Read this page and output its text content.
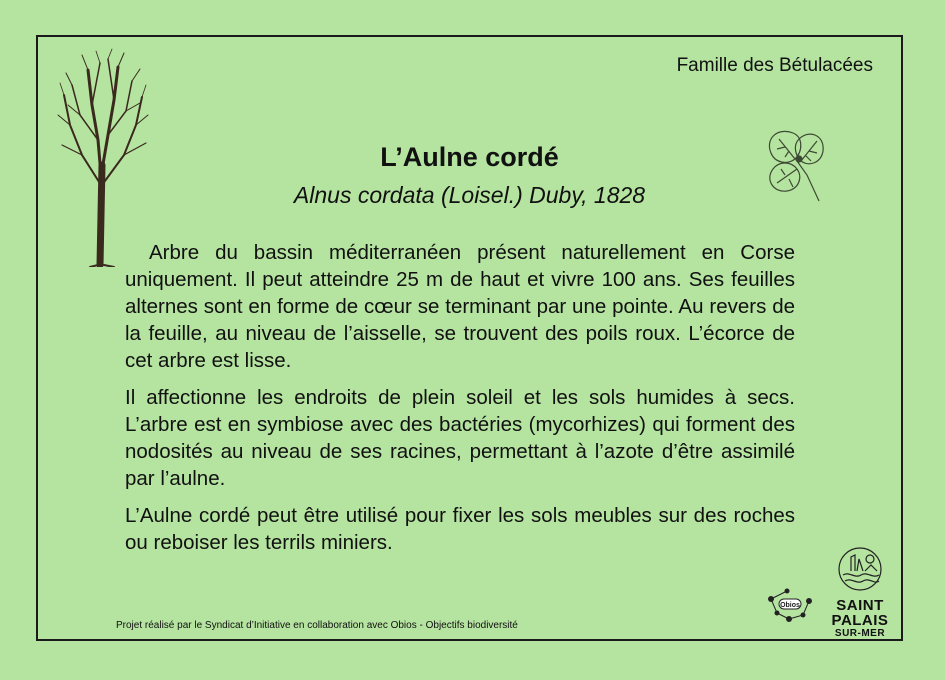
Famille des Bétulacées
L’Aulne cordé
Alnus cordata (Loisel.) Duby, 1828

Arbre du bassin méditerranéen présent naturellement en Corse uniquement. Il peut atteindre 25 m de haut et vivre 100 ans. Ses feuilles alternes sont en forme de cœur se terminant par une pointe. Au revers de la feuille, au niveau de l’aisselle, se trouvent des poils roux. L’écorce de cet arbre est lisse.

Il affectionne les endroits de plein soleil et les sols humides à secs. L’arbre est en symbiose avec des bactéries (mycorhizes) qui forment des nodosités au niveau de ses racines, permettant à l’azote d’être assimilé par l’aulne.

L’Aulne cordé peut être utilisé pour fixer les sols meubles sur des roches ou reboiser les terrils miniers.

Obios	SAINT
PALAIS
SUR-MER
Projet réalisé par le Syndicat d’Initiative en collaboration avec Obios - Objectifs biodiversité
